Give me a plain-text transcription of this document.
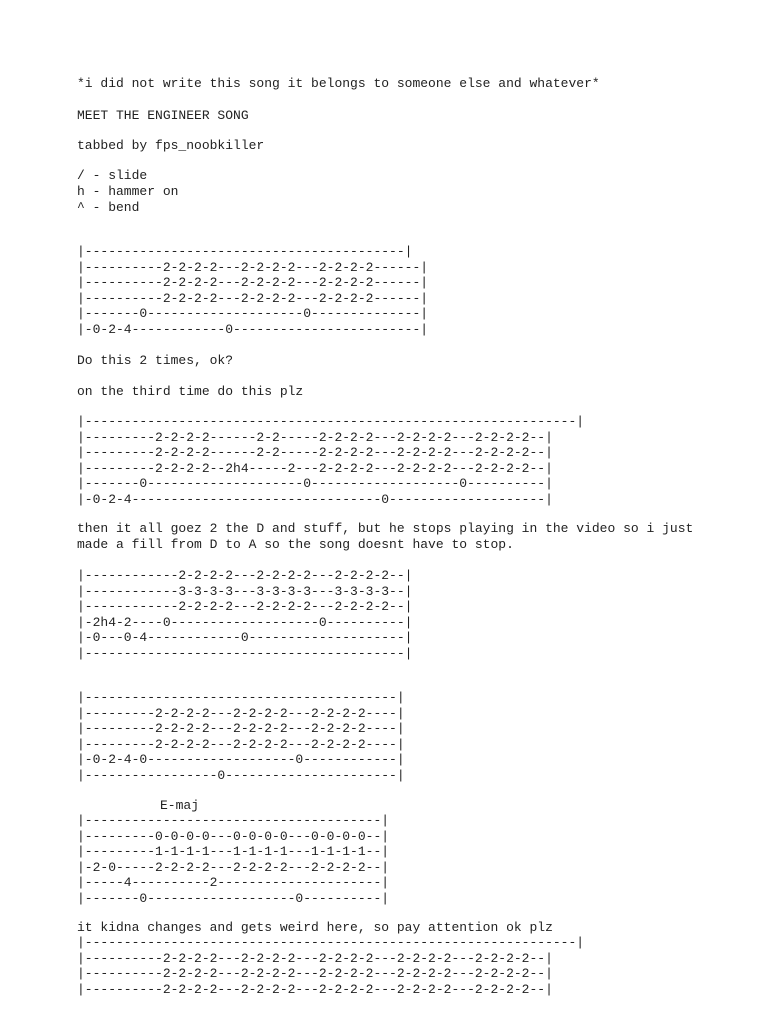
*i did not write this song it belongs to someone else and whatever*
MEET THE ENGINEER SONG
tabbed by fps_noobkiller
/ - slide
h - hammer on
^ - bend
|-----------------------------------------|
|----------2-2-2-2---2-2-2-2---2-2-2-2------|
|----------2-2-2-2---2-2-2-2---2-2-2-2------|
|----------2-2-2-2---2-2-2-2---2-2-2-2------|
|-------0--------------------0--------------|
|-0-2-4------------0------------------------|
Do this 2 times, ok?
on the third time do this plz
|---------------------------------------------------------------|
|---------2-2-2-2------2-2-----2-2-2-2---2-2-2-2---2-2-2-2--|
|---------2-2-2-2------2-2-----2-2-2-2---2-2-2-2---2-2-2-2--|
|---------2-2-2-2--2h4-----2---2-2-2-2---2-2-2-2---2-2-2-2--|
|-------0--------------------0-------------------0----------|
|-0-2-4--------------------------------0--------------------|
then it all goez 2 the D and stuff, but he stops playing in the video so i just
made a fill from D to A so the song doesnt have to stop.
|------------2-2-2-2---2-2-2-2---2-2-2-2--|
|------------3-3-3-3---3-3-3-3---3-3-3-3--|
|------------2-2-2-2---2-2-2-2---2-2-2-2--|
|-2h4-2----0-------------------0----------|
|-0---0-4------------0--------------------|
|-----------------------------------------|
|----------------------------------------|
|---------2-2-2-2---2-2-2-2---2-2-2-2----|
|---------2-2-2-2---2-2-2-2---2-2-2-2----|
|---------2-2-2-2---2-2-2-2---2-2-2-2----|
|-0-2-4-0-------------------0------------|
|-----------------0----------------------|
E-maj
|--------------------------------------|
|---------0-0-0-0---0-0-0-0---0-0-0-0--|
|---------1-1-1-1---1-1-1-1---1-1-1-1--|
|-2-0-----2-2-2-2---2-2-2-2---2-2-2-2--|
|-----4----------2---------------------|
|-------0-------------------0----------|
it kidna changes and gets weird here, so pay attention ok plz
|---------------------------------------------------------------|
|----------2-2-2-2---2-2-2-2---2-2-2-2---2-2-2-2---2-2-2-2--|
|----------2-2-2-2---2-2-2-2---2-2-2-2---2-2-2-2---2-2-2-2--|
|----------2-2-2-2---2-2-2-2---2-2-2-2---2-2-2-2---2-2-2-2--|
